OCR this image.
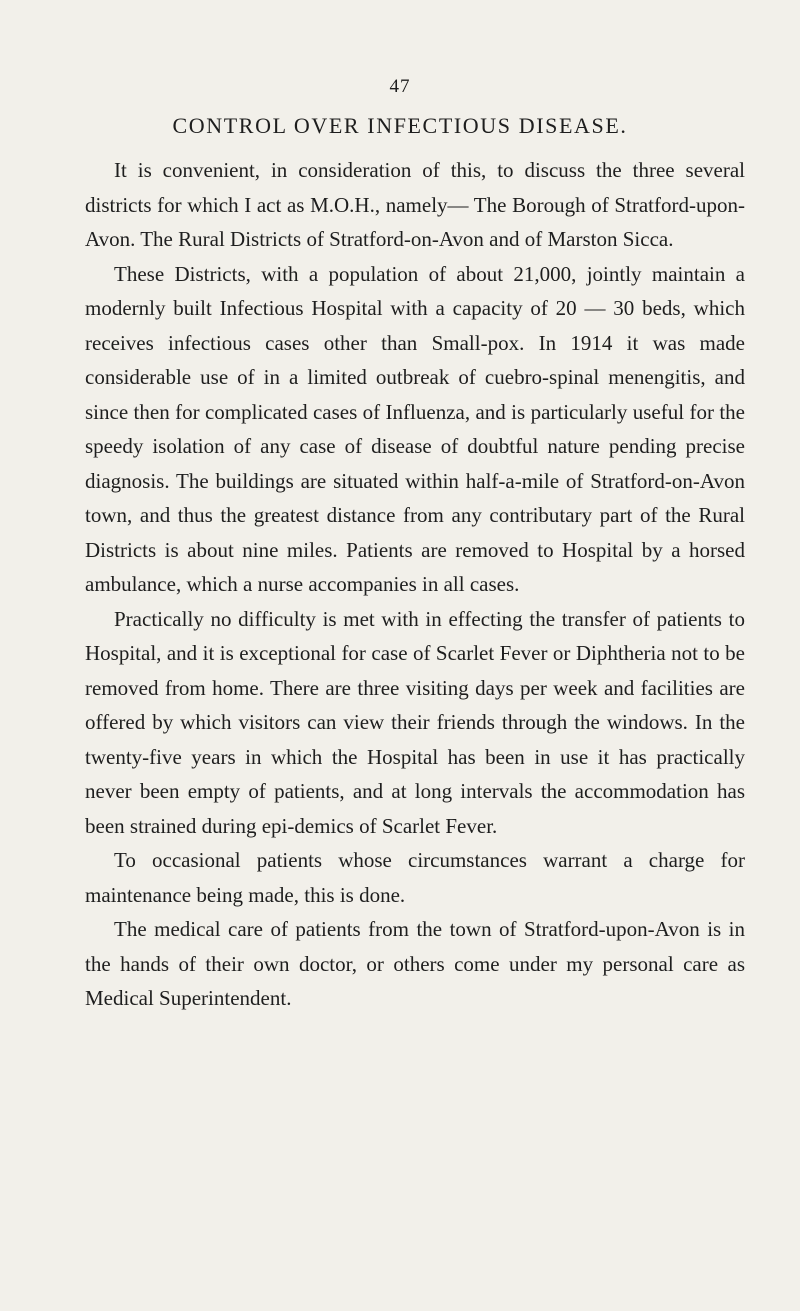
47
CONTROL OVER INFECTIOUS DISEASE.

It is convenient, in consideration of this, to discuss the three several districts for which I act as M.O.H., namely— The Borough of Stratford-upon-Avon. The Rural Districts of Stratford-on-Avon and of Marston Sicca.

These Districts, with a population of about 21,000, jointly maintain a modernly built Infectious Hospital with a capacity of 20 — 30 beds, which receives infectious cases other than Small-pox. In 1914 it was made considerable use of in a limited outbreak of cuebro-spinal menengitis, and since then for complicated cases of Influenza, and is particularly useful for the speedy isolation of any case of disease of doubtful nature pending precise diagnosis. The buildings are situated within half-a-mile of Stratford-on-Avon town, and thus the greatest distance from any contributary part of the Rural Districts is about nine miles. Patients are removed to Hospital by a horsed ambulance, which a nurse accompanies in all cases.

Practically no difficulty is met with in effecting the transfer of patients to Hospital, and it is exceptional for case of Scarlet Fever or Diphtheria not to be removed from home. There are three visiting days per week and facilities are offered by which visitors can view their friends through the windows. In the twenty-five years in which the Hospital has been in use it has practically never been empty of patients, and at long intervals the accommodation has been strained during epi-demics of Scarlet Fever.

To occasional patients whose circumstances warrant a charge for maintenance being made, this is done.

The medical care of patients from the town of Stratford-upon-Avon is in the hands of their own doctor, or others come under my personal care as Medical Superintendent.
